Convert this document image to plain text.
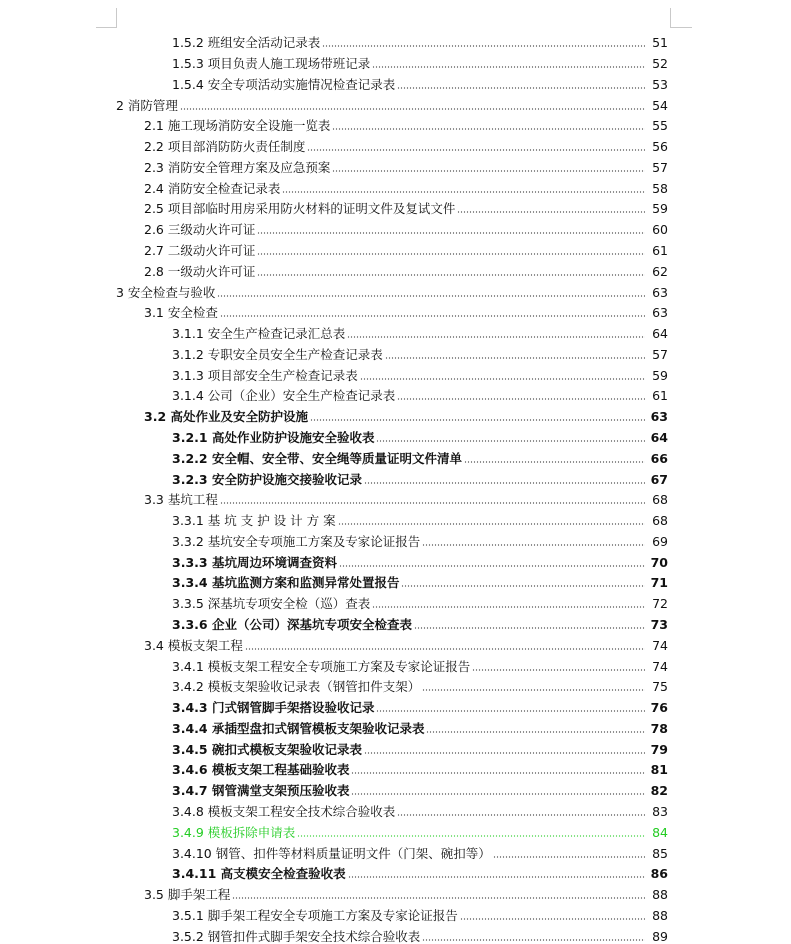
1.5.2 班组安全活动记录表	51
1.5.3 项目负责人施工现场带班记录	52
1.5.4 安全专项活动实施情况检查记录表	53
2 消防管理	54
2.1 施工现场消防安全设施一览表	55
2.2 项目部消防防火责任制度	56
2.3 消防安全管理方案及应急预案	57
2.4 消防安全检查记录表	58
2.5 项目部临时用房采用防火材料的证明文件及复试文件	59
2.6 三级动火许可证	60
2.7 二级动火许可证	61
2.8 一级动火许可证	62
3 安全检查与验收	63
3.1 安全检查	63
3.1.1 安全生产检查记录汇总表	64
3.1.2 专职安全员安全生产检查记录表	57
3.1.3 项目部安全生产检查记录表	59
3.1.4 公司（企业）安全生产检查记录表	61
3.2 高处作业及安全防护设施	63
3.2.1 高处作业防护设施安全验收表	64
3.2.2 安全帽、安全带、安全绳等质量证明文件清单	66
3.2.3 安全防护设施交接验收记录	67
3.3 基坑工程	68
3.3.1 基 坑 支 护 设 计 方 案	68
3.3.2 基坑安全专项施工方案及专家论证报告	69
3.3.3 基坑周边环境调查资料	70
3.3.4 基坑监测方案和监测异常处置报告	71
3.3.5 深基坑专项安全检（巡）查表	72
3.3.6 企业（公司）深基坑专项安全检查表	73
3.4 模板支架工程	74
3.4.1 模板支架工程安全专项施工方案及专家论证报告	74
3.4.2 模板支架验收记录表（钢管扣件支架）	75
3.4.3 门式钢管脚手架搭设验收记录	76
3.4.4 承插型盘扣式钢管模板支架验收记录表	78
3.4.5 碗扣式模板支架验收记录表	79
3.4.6 模板支架工程基础验收表	81
3.4.7 钢管满堂支架预压验收表	82
3.4.8 模板支架工程安全技术综合验收表	83
3.4.9 模板拆除申请表	84
3.4.10 钢管、扣件等材料质量证明文件（门架、碗扣等）	85
3.4.11 高支模安全检查验收表	86
3.5 脚手架工程	88
3.5.1 脚手架工程安全专项施工方案及专家论证报告	88
3.5.2 钢管扣件式脚手架安全技术综合验收表	89
